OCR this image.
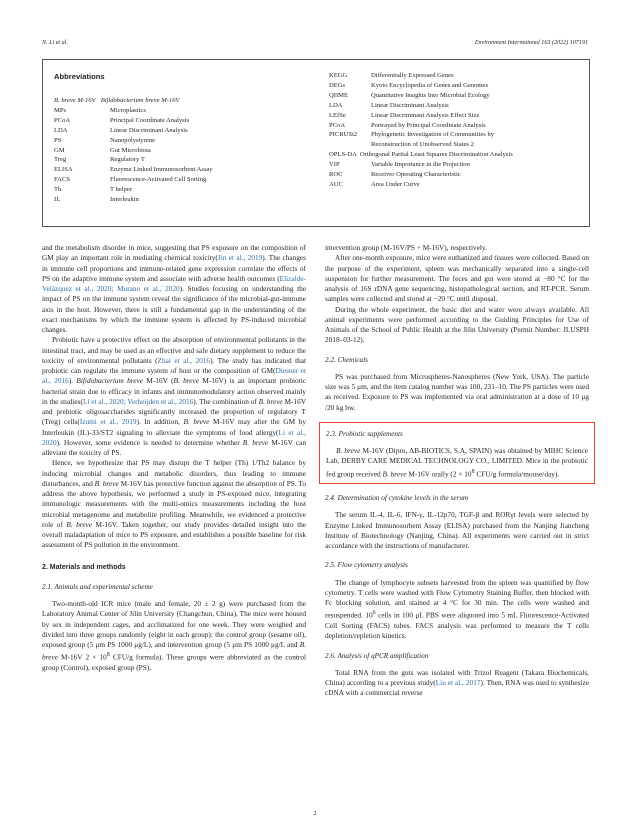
N. Li et al.	Environment International 163 (2022) 107191
Abbreviations
B. breve M-16V Bifidobacterium breve M-16V
MPs	Microplastics
PCoA	Principal Coordinate Analysis
LDA	Linear Discriminant Analysis
PS	Nanopolystyrene
GM	Gut Microbiota
Treg	Regulatory T
ELISA	Enzyme Linked Immunosorbent Assay
FACS	Fluorescence-Activated Cell Sorting
Th	T helper
IL	Interleukin
KEGG	Differentially Expressed Genes
DEGs	Kyoto Encyclopedia of Genes and Genomes
QIIME	Quantitative Insights Into Microbial Ecology
LDA	Linear Discriminant Analysis
LEfSe	Linear Discriminant Analysis Effect Size
PCoA	Portrayed by Principal Coordinate Analysis
PICRUSt2 Phylogenetic Investigation of Communities by
Reconstruction of Unobserved States 2
OPLS-DA Orthogonal Partial Least Squares Discrimination Analysis
VIP	Variable Importance in the Projection
ROC	Receiver Operating Characteristic
AUC	Area Under Curve

and the metabolism disorder in mice, suggesting that PS exposure on the composition of GM play an important role in mediating chemical toxicity(Jin et al., 2019). The changes in immune cell proportions and immune-related gene expression correlate the effects of PS on the adaptive immune system and associate with adverse health outcomes (Elizalde-Velázquez et al., 2020; Murano et al., 2020). Studies focusing on understanding the impact of PS on the immune system reveal the significance of the microbial-gut-immune axis in the host. However, there is still a fundamental gap in the understanding of the exact mechanisms by which the immune system is affected by PS-induced microbial changes.

Probiotic have a protective effect on the absorption of environmental pollutants in the intestinal tract, and may be used as an effective and safe dietary supplement to reduce the toxicity of environmental pollutants (Zhai et al., 2016). The study has indicated that probiotic can regulate the immune system of host or the composition of GM(Diesner et al., 2016). Bifidobacterium breve M-16V (B. breve M-16V) is an important probiotic bacterial strain due to efficacy in infants and immunomodulatory action observed mainly in the studies(Li et al., 2020; Verheijden et al., 2016). The combination of B. breve M-16V and prebiotic oligosaccharides significantly increased the proportion of regulatory T (Treg) cells(Izumi et al., 2019). In addition, B. breve M-16V may alter the GM by Interleukin (IL)-33/ST2 signaling to alleviate the symptoms of food allergy(Li et al., 2020). However, some evidence is needed to determine whether B. breve M-16V can alleviate the toxicity of PS.

Hence, we hypothesize that PS may disrupt the T helper (Th) 1/Th2 balance by inducing microbial changes and metabolic disorders, thus leading to immune disturbances, and B. breve M-16V has protective function against the absorption of PS. To address the above hypothesis, we performed a study in PS-exposed mice, integrating immunologic measurements with the multi-omics measurements including the host microbial metagenome and metabolite profiling. Meanwhile, we evidenced a protective role of B. breve M-16V. Taken together, our study provides detailed insight into the overall maladaptation of mice to PS exposure, and establishes a possible baseline for risk assessment of PS pollution in the environment.

2. Materials and methods
2.1. Animals and experimental scheme

Two-month-old ICR mice (male and female, 20 ± 2 g) were purchased from the Laboratory Animal Center of Jilin University (Changchun, China). The mice were housed by sex in independent cages, and acclimatized for one week. They were weighed and divided into three groups randomly (eight in each group): the control group (sesame oil), exposed group (5 μm PS 1000 μg/L), and intervention group (5 μm PS 1000 μg/L and B. breve M-16V $2 \times 10^8$ CFU/g formula). These groups were abbreviated as the control group (Control), exposed group (PS),

intervention group (M-16V/PS + M-16V), respectively.

After one-month exposure, mice were euthanized and tissues were collected. Based on the purpose of the experiment, spleen was mechanically separated into a single-cell suspension for further measurement. The feces and gut were stored at −80 °C for the analysis of 16S rDNA gene sequencing, histopathological section, and RT-PCR. Serum samples were collected and stored at −20 °C until disposal.

During the whole experiment, the basic diet and water were always available. All animal experiments were performed according to the Guiding Principles for Use of Animals of the School of Public Health at the Jilin University (Permit Number: JLUSPH 2018–03-12).

2.2. Chemicals

PS was purchased from Microspheres-Nanospheres (New York, USA). The particle size was 5 μm, and the item catalog number was 100, 231–10. The PS particles were used as received. Exposure to PS was implemented via oral administration at a dose of 10 μg /20 kg bw.

2.3. Probiotic supplements

B. breve M-16V (Dipro, AB-BIOTICS, S.A, SPAIN) was obtained by MIHC Science Lab, DERBY CARE MEDICAL TECHNOLOGY CO., LIMITED. Mice in the probiotic fed group received B. breve M-16V orally ($2 \times 10^8$ CFU/g formula/mouse/day).

2.4. Determination of cytokine levels in the serum

The serum IL-4, IL-6, IFN-γ, IL-12p70, TGF-β and RORγt levels were selected by Enzyme Linked Immunosorbent Assay (ELISA) purchased from the Nanjing Jiancheng Institute of Biotechnology (Nanjing, China). All experiments were carried out in strict accordance with the instructions of manufacturer.

2.5. Flow cytometry analysis

The change of lymphocyte subsets harvested from the spleen was quantified by flow cytometry. T cells were washed with Flow Cytometry Staining Buffer, then blocked with Fc blocking solution, and stained at 4 °C for 30 min. The cells were washed and resuspended. $10^6$ cells in 100 μL PBS were aliquoted into 5 mL Fluorescence-Activated Cell Sorting (FACS) tubes. FACS analysis was performed to measure the T cells depletion/repletion kinetics.

2.6. Analysis of qPCR amplification

Total RNA from the guts was isolated with Trizol Reagent (Takara Biochemicals, China) according to a previous study(Liu et al., 2017). Then, RNA was used to synthesize cDNA with a commercial reverse

2
